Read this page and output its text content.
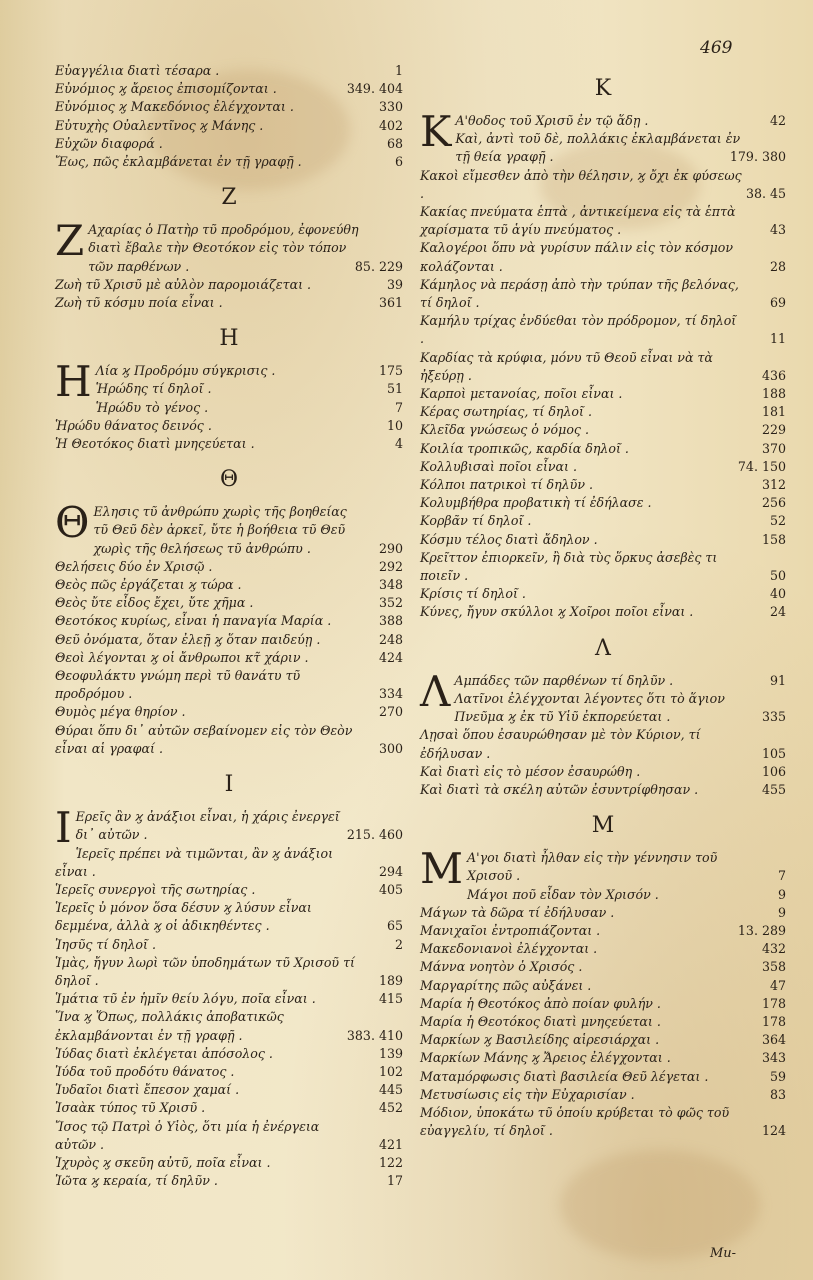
469
Εὐαγγέλια διατὶ τέσαρα .	1
Εὐνόμιος ϗ ἄρειος ἐπισομίζονται .	349. 404
Εὐνόμιος ϗ Μακεδόνιος ἐλέγχονται .	330
Εὐτυχὴς Οὐαλεντῖνος ϗ Μάνης .	402
Εὐχῶν διαφορά .	68
Ἔως, πῶς ἐκλαμβάνεται ἐν τῇ γραφῇ .	6
Z
Z Αχαρίας ὁ Πατὴρ τῦ προδρόμου, ἐφονεύθη διατὶ ἔβαλε τὴν Θεοτόκον εἰς τὸν τόπον τῶν παρθένων .	85. 229
Ζωὴ τῦ Χρισῦ μὲ αὐλὸν παρομοιάζεται .	39
Ζωὴ τῦ κόσμυ ποία εἶναι .	361
H
H Λία ϗ Προδρόμυ σύγκρισις .	175
Ἡρώδης τί δηλοῖ .	51
Ἡρώδυ τὸ γένος .	7
Ἡρώδυ θάνατος δεινός .	10
Ἡ Θεοτόκος διατὶ μνηςεύεται .	4
Θ
Θ Ελησις τῦ ἀνθρώπυ χωρὶς τῆς βοηθείας τῦ Θεῦ δὲν ἀρκεῖ, ὔτε ἡ βοήθεια τῦ Θεῦ χωρὶς τῆς θελήσεως τῦ ἀνθρώπυ .	290
Θελήσεις δύο ἐν Χρισῷ .	292
Θεὸς πῶς ἐργάζεται ϗ τώρα .	348
Θεὸς ὔτε εἶδος ἔχει, ὔτε χῆμα .	352
Θεοτόκος κυρίως, εἶναι ἡ παναγία Μαρία .	388
Θεῦ ὀνόματα, ὅταν ἐλεῇ ϗ ὅταν παιδεύῃ .	248
Θεοὶ λέγονται ϗ οἱ ἄνθρωποι κτ̃ χάριν .	424
Θεοφυλάκτυ γνώμη περὶ τῦ θανάτυ τῦ προδρόμου .	334
Θυμὸς μέγα θηρίον .	270
Θύραι ὅπυ δι᾽ αὐτῶν σεβαίνομεν εἰς τὸν Θεὸν εἶναι αἱ γραφαί .	300
I
I Ερεῖς ἂν ϗ ἀνάξιοι εἶναι, ἡ χάρις ἐνεργεῖ δι᾽ αὐτῶν .	215. 460
Ἱερεῖς πρέπει νὰ τιμῶνται, ἂν ϗ ἀνάξιοι εἶναι .	294
Ἱερεῖς συνεργοὶ τῆς σωτηρίας .	405
Ἱερεῖς ὐ μόνον ὅσα δέσυν ϗ λύσυν εἶναι δεμμένα, ἀλλὰ ϗ οἱ ἀδικηθέντες .	65
Ἰησῦς τί δηλοῖ .	2
Ἱμὰς, ἤγυν λωρὶ τῶν ὑποδημάτων τῦ Χρισοῦ τί δηλοῖ .	189
Ἱμάτια τῦ ἐν ἡμῖν θείυ λόγυ, ποῖα εἶναι .	415
Ἵνα ϗ Ὅπως, πολλάκις ἀποβατικῶς ἐκλαμβάνονται ἐν τῇ γραφῇ .	383. 410
Ἰύδας διατὶ ἐκλέγεται ἀπόσολος .	139
Ἰύδα τοῦ προδότυ θάνατος .	102
Ἰυδαῖοι διατὶ ἔπεσον χαμαί .	445
Ἰσαὰκ τύπος τῦ Χρισῦ .	452
Ἴσος τῷ Πατρὶ ὁ Υἱὸς, ὅτι μία ἡ ἐνέργεια αὐτῶν .	421
Ἰχυρὸς ϗ σκεῦη αὐτῦ, ποῖα εἶναι .	122
Ἰῶτα ϗ κεραία, τί δηλῦν .	17
K
K Α'θοδος τοῦ Χρισῦ ἐν τῷ ἅδῃ .	42
Καὶ, ἀντὶ τοῦ δὲ, πολλάκις ἐκλαμβάνεται ἐν τῇ θεία γραφῇ .	179. 380
Κακοὶ εἴμεσθεν ἀπὸ τὴν θέλησιν, ϗ ὄχι ἐκ φύσεως .	38. 45
Κακίας πνεύματα ἑπτὰ , ἀντικείμενα εἰς τὰ ἑπτὰ χαρίσματα τῦ ἁγίυ πνεύματος .	43
Καλογέροι ὅπυ νὰ γυρίσυν πάλιν εἰς τὸν κόσμον κολάζονται .	28
Κάμηλος νὰ περάσῃ ἀπὸ τὴν τρύπαν τῆς βελόνας, τί δηλοῖ .	69
Καμήλυ τρίχας ἐνδύεθαι τὸν πρόδρομον, τί δηλοῖ .	11
Καρδίας τὰ κρύφια, μόνυ τῦ Θεοῦ εἶναι νὰ τὰ ἠξεύρῃ .	436
Καρποὶ μετανοίας, ποῖοι εἶναι .	188
Κέρας σωτηρίας, τί δηλοῖ .	181
Κλεῖδα γνώσεως ὁ νόμος .	229
Κοιλία τροπικῶς, καρδία δηλοῖ .	370
Κολλυβισαὶ ποῖοι εἶναι .	74. 150
Κόλποι πατρικοὶ τί δηλῦν .	312
Κολυμβήθρα προβατικὴ τί ἐδήλασε .	256
Κορβᾶν τί δηλοῖ .	52
Κόσμυ τέλος διατὶ ἄδηλον .	158
Κρεῖττον ἐπιορκεῖν, ἢ διὰ τὺς ὅρκυς ἀσεβὲς τι ποιεῖν .	50
Κρίσις τί δηλοῖ .	40
Κύνες, ἤγυν σκύλλοι ϗ Χοῖροι ποῖοι εἶναι .	24
Λ
Λ Αμπάδες τῶν παρθένων τί δηλῦν .	91
Λατῖνοι ἐλέγχονται λέγοντες ὅτι τὸ ἅγιον Πνεῦμα ϗ ἐκ τῦ Υἱῦ ἐκπορεύεται .	335
Λῃσαὶ ὅπου ἐσαυρώθησαν μὲ τὸν Κύριον, τί ἐδήλυσαν .	105
Καὶ διατὶ εἰς τὸ μέσον ἐσαυρώθη .	106
Καὶ διατὶ τὰ σκέλη αὐτῶν ἐσυντρίφθησαν .	455
M
M Α'γοι διατὶ ἦλθαν εἰς τὴν γέννησιν τοῦ Χρισοῦ .	7
Μάγοι ποῦ εἶδαν τὸν Χρισόν .	9
Μάγων τὰ δῶρα τί ἐδήλυσαν .	9
Μανιχαῖοι ἐντροπιάζονται .	13. 289
Μακεδονιανοὶ ἐλέγχονται .	432
Μάννα νοητὸν ὁ Χρισός .	358
Μαργαρίτης πῶς αὐξάνει .	47
Μαρία ἡ Θεοτόκος ἀπὸ ποίαν φυλήν .	178
Μαρία ἡ Θεοτόκος διατὶ μνηςεύεται .	178
Μαρκίων ϗ Βασιλείδης αἱρεσιάρχαι .	364
Μαρκίων Μάνης ϗ Ἄρειος ἐλέγχονται .	343
Ματαμόρφωσις διατὶ βασιλεία Θεῦ λέγεται .	59
Μετυσίωσις εἰς τὴν Εὐχαρισίαν .	83
Μόδιον, ὑποκάτω τῦ ὁποίυ κρύβεται τὸ φῶς τοῦ εὐαγγελίυ, τί δηλοῖ .	124
Mu-
